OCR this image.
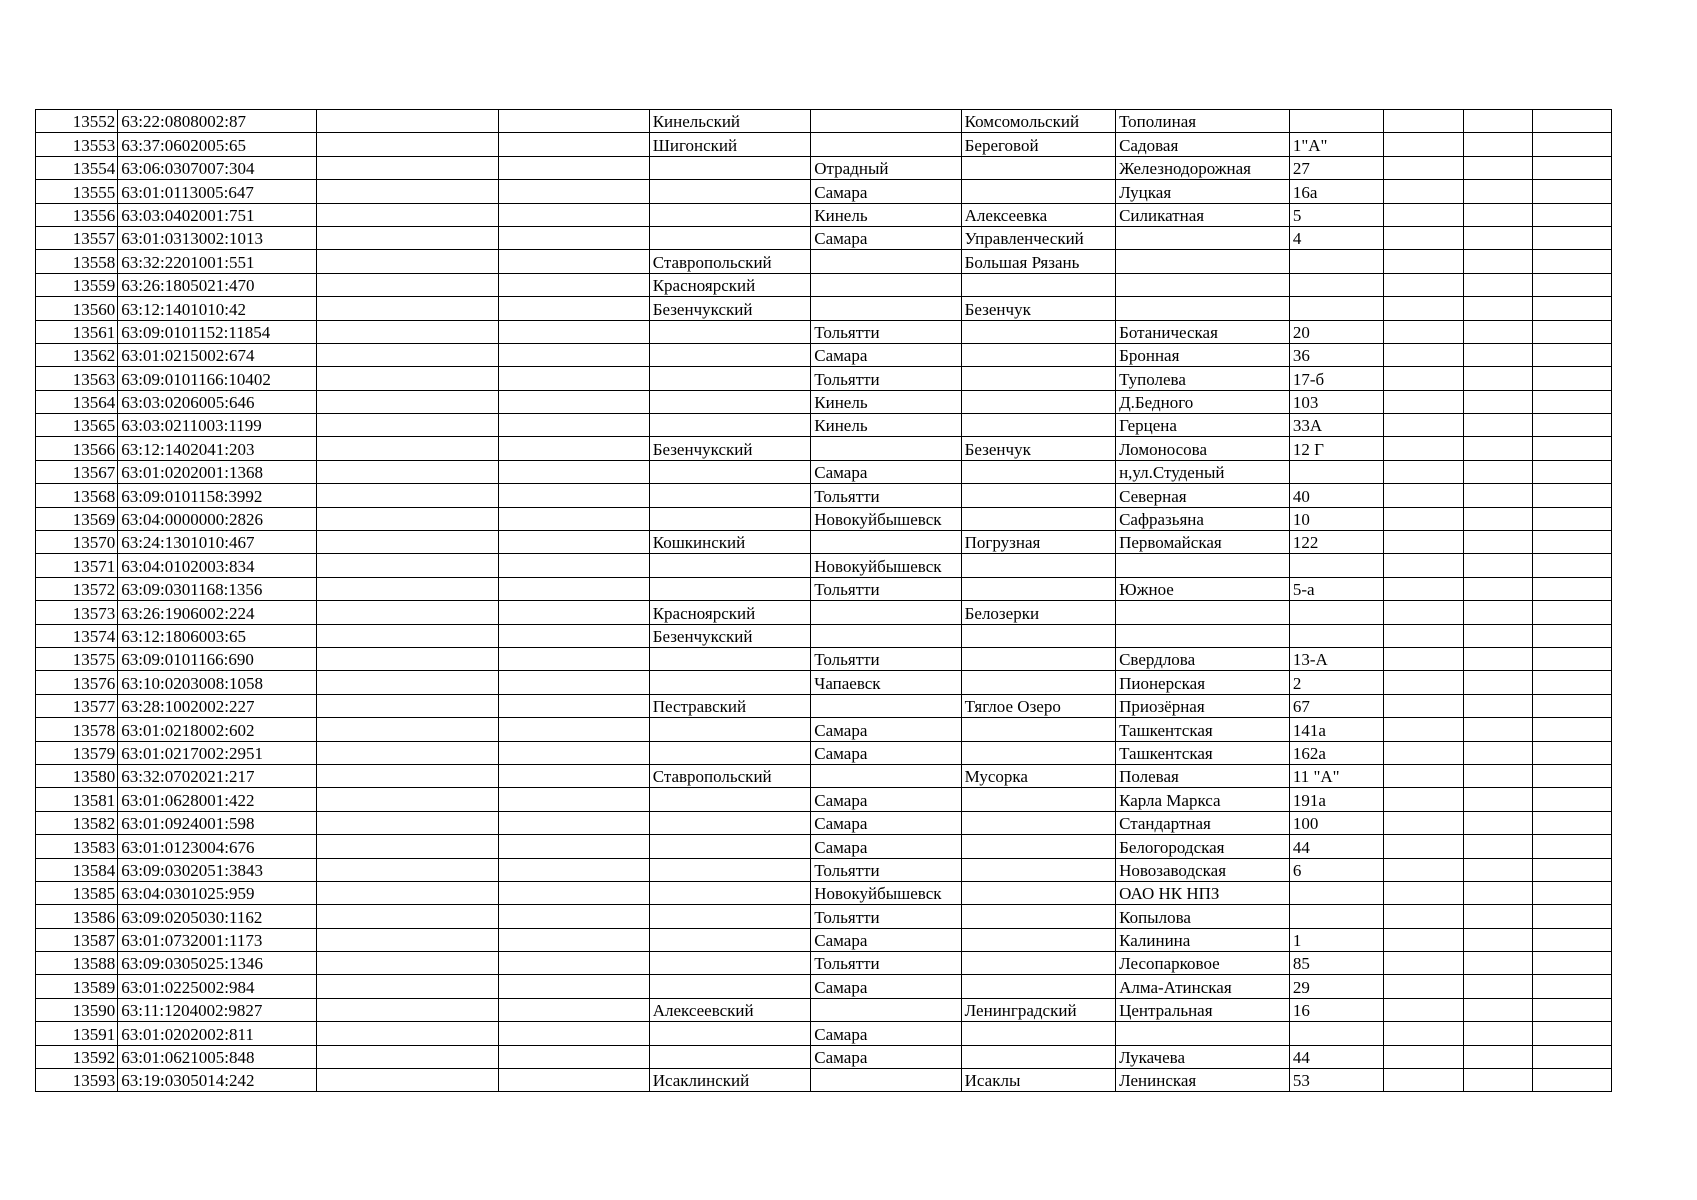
13552	63:22:0808002:87			Кинельский		Комсомольский	Тополиная				
13553	63:37:0602005:65			Шигонский		Береговой	Садовая	1"А"			
13554	63:06:0307007:304				Отрадный		Железнодорожная	27			
13555	63:01:0113005:647				Самара		Луцкая	16а			
13556	63:03:0402001:751				Кинель	Алексеевка	Силикатная	5			
13557	63:01:0313002:1013				Самара	Управленческий		4			
13558	63:32:2201001:551			Ставропольский		Большая Рязань					
13559	63:26:1805021:470			Красноярский							
13560	63:12:1401010:42			Безенчукский		Безенчук					
13561	63:09:0101152:11854				Тольятти		Ботаническая	20			
13562	63:01:0215002:674				Самара		Бронная	36			
13563	63:09:0101166:10402				Тольятти		Туполева	17-б			
13564	63:03:0206005:646				Кинель		Д.Бедного	103			
13565	63:03:0211003:1199				Кинель		Герцена	33А			
13566	63:12:1402041:203			Безенчукский		Безенчук	Ломоносова	12 Г			
13567	63:01:0202001:1368				Самара		н,ул.Студеный				
13568	63:09:0101158:3992				Тольятти		Северная	40			
13569	63:04:0000000:2826				Новокуйбышевск		Сафразьяна	10			
13570	63:24:1301010:467			Кошкинский		Погрузная	Первомайская	122			
13571	63:04:0102003:834				Новокуйбышевск						
13572	63:09:0301168:1356				Тольятти		Южное	5-а			
13573	63:26:1906002:224			Красноярский		Белозерки					
13574	63:12:1806003:65			Безенчукский							
13575	63:09:0101166:690				Тольятти		Свердлова	13-А			
13576	63:10:0203008:1058				Чапаевск		Пионерская	2			
13577	63:28:1002002:227			Пестравский		Тяглое Озеро	Приозёрная	67			
13578	63:01:0218002:602				Самара		Ташкентская	141а			
13579	63:01:0217002:2951				Самара		Ташкентская	162а			
13580	63:32:0702021:217			Ставропольский		Мусорка	Полевая	11 "А"			
13581	63:01:0628001:422				Самара		Карла Маркса	191а			
13582	63:01:0924001:598				Самара		Стандартная	100			
13583	63:01:0123004:676				Самара		Белогородская	44			
13584	63:09:0302051:3843				Тольятти		Новозаводская	6			
13585	63:04:0301025:959				Новокуйбышевск		ОАО НК НПЗ				
13586	63:09:0205030:1162				Тольятти		Копылова				
13587	63:01:0732001:1173				Самара		Калинина	1			
13588	63:09:0305025:1346				Тольятти		Лесопарковое	85			
13589	63:01:0225002:984				Самара		Алма-Атинская	29			
13590	63:11:1204002:9827			Алексеевский		Ленинградский	Центральная	16			
13591	63:01:0202002:811				Самара						
13592	63:01:0621005:848				Самара		Лукачева	44			
13593	63:19:0305014:242			Исаклинский		Исаклы	Ленинская	53			
